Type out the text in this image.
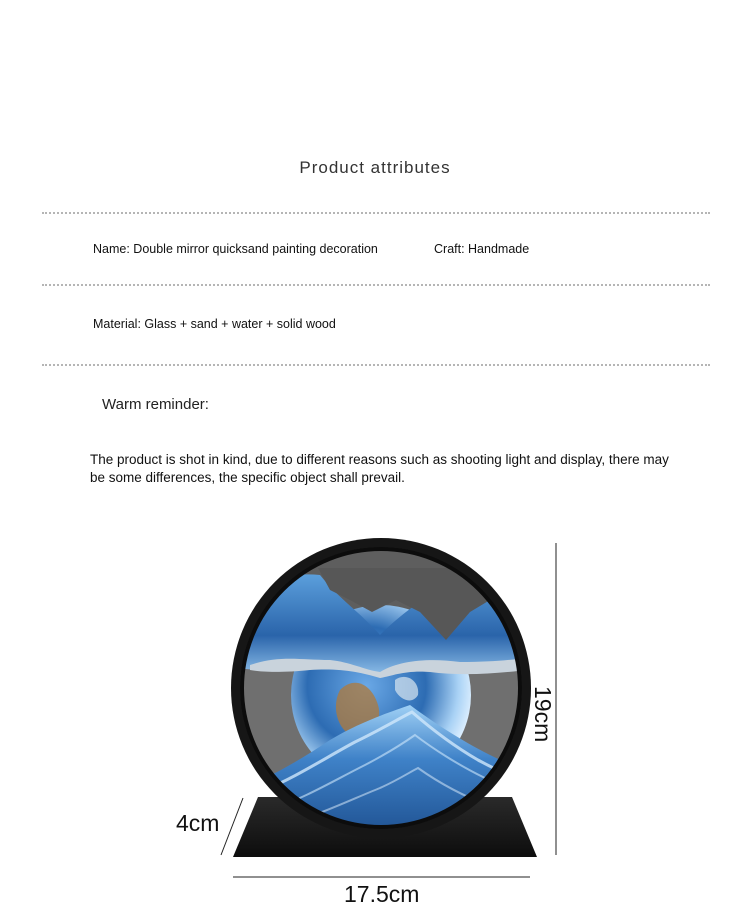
Product attributes
Name: Double mirror quicksand painting decoration	Craft: Handmade
Material: Glass + sand + water + solid wood
Warm reminder:
The product is shot in kind, due to different reasons such as shooting light and display, there may be some differences, the specific object shall prevail.
19cm
17.5cm
4cm
